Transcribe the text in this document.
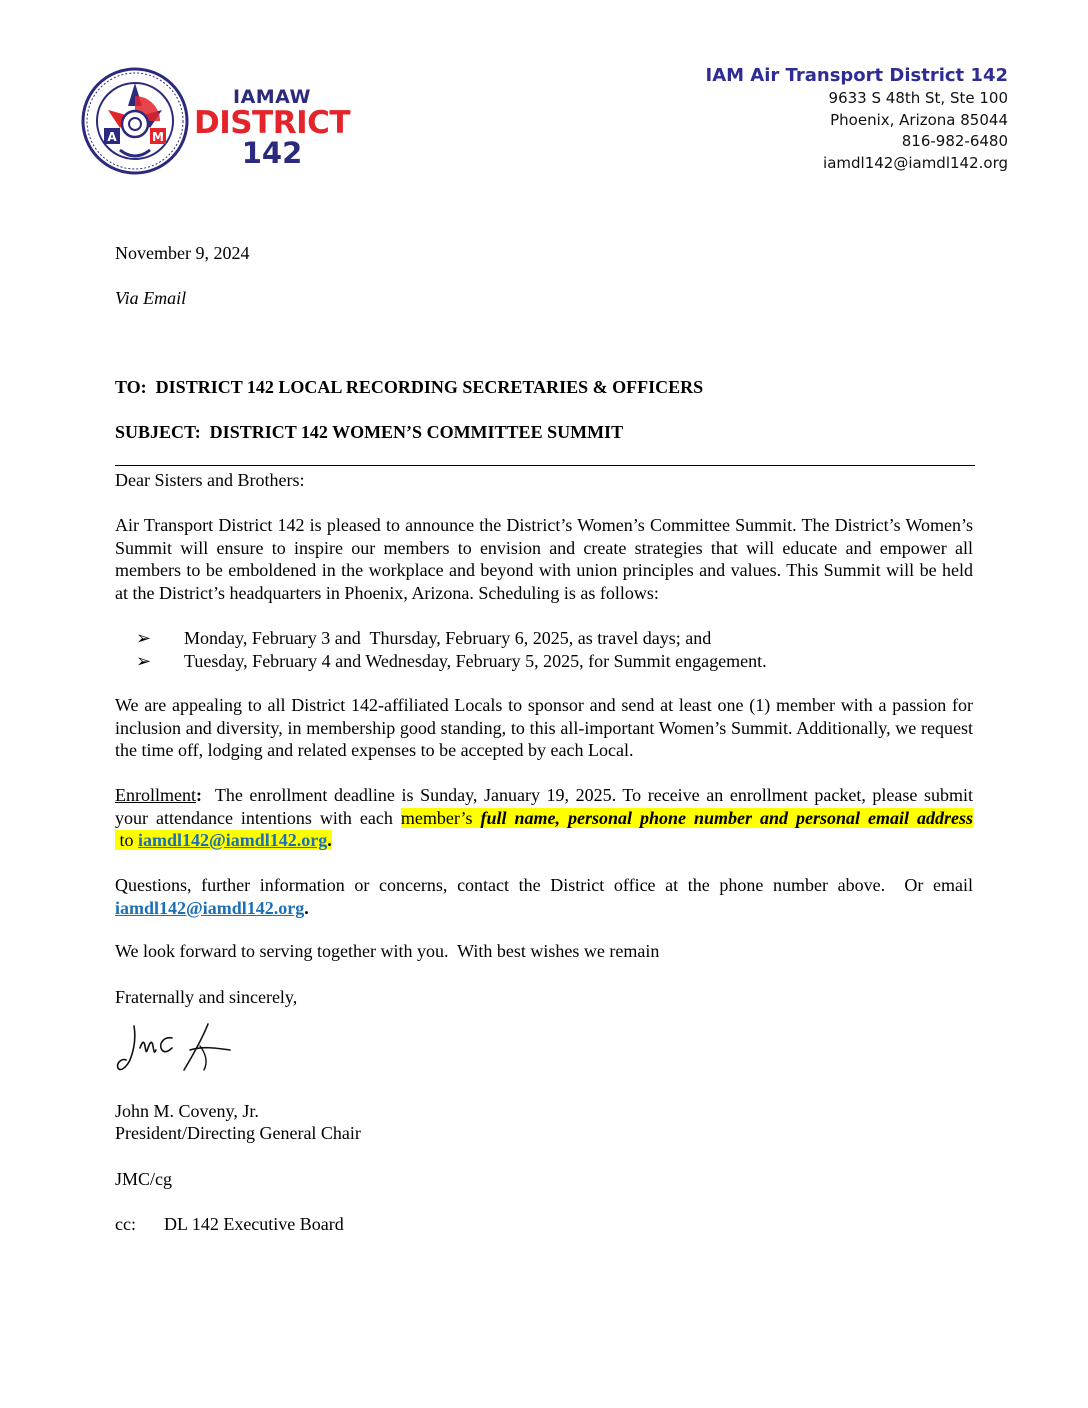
A	M
IAMAW
DISTRICT
142
IAM Air Transport District 142
9633 S 48th St, Ste 100
Phoenix, Arizona 85044
816-982-6480
iamdl142@iamdl142.org
November 9, 2024
Via Email
TO:  DISTRICT 142 LOCAL RECORDING SECRETARIES & OFFICERS
SUBJECT:  DISTRICT 142 WOMEN’S COMMITTEE SUMMIT
Dear Sisters and Brothers:
Air Transport District 142 is pleased to announce the District’s Women’s Committee Summit. The District’s Women’s Summit will ensure to inspire our members to envision and create strategies that will educate and empower all members to be emboldened in the workplace and beyond with union principles and values. This Summit will be held at the District’s headquarters in Phoenix, Arizona. Scheduling is as follows:
➢ Monday, February 3 and  Thursday, February 6, 2025, as travel days; and
➢ Tuesday, February 4 and Wednesday, February 5, 2025, for Summit engagement.
We are appealing to all District 142-affiliated Locals to sponsor and send at least one (1) member with a passion for inclusion and diversity, in membership good standing, to this all-important Women’s Summit. Additionally, we request the time off, lodging and related expenses to be accepted by each Local.
Enrollment:  The enrollment deadline is Sunday, January 19, 2025. To receive an enrollment packet, please submit your attendance intentions with each member’s full name, personal phone number and personal email address to iamdl142@iamdl142.org.
Questions, further information or concerns, contact the District office at the phone number above.  Or email iamdl142@iamdl142.org.
We look forward to serving together with you.  With best wishes we remain
Fraternally and sincerely,
John M. Coveny, Jr.
President/Directing General Chair
JMC/cg
cc: DL 142 Executive Board
